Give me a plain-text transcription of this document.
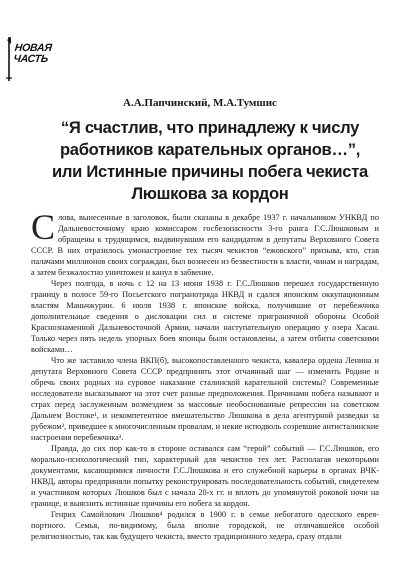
НОВАЯ
ЧАСТЬ
А.А.Папчинский, М.А.Тумшис
“Я счастлив, что принадлежу к числу работников карательных органов…”, или Истинные причины побега чекиста Люшкова за кордон

Слова, вынесенные в заголовок, были сказаны в декабре 1937 г. начальником УНКВД по Дальневосточному краю комиссаром госбезопасности 3-го ранга Г.С.Люшковым и обращены к трудящимся, выдвинувшим его кандидатом в депутаты Верховного Совета СССР. В них отразилось умонастроение тех тысяч чекистов “ежовского” призыва, кто, став палачами миллионов своих сограждан, был вознесен из безвестности к власти, чинам и наградам, а затем безжалостно уничтожен и канул в забвение.

Через полгода, в ночь с 12 на 13 июня 1938 г. Г.С.Люшков перешел государственную границу в полосе 59-го Посьетского погранотряда НКВД и сдался японским оккупационным властям Маньчжурии. 6 июля 1938 г. японские войска, получившие от перебежчика дополнительные сведения о дислокации сил и системе приграничной обороны Особой Краснознаменной Дальневосточной Армии, начали наступательную операцию у озера Хасан. Только через пять недель упорных боев японцы были остановлены, а затем отбиты советскими войсками…

Что же заставило члена ВКП(б), высокопоставленного чекиста, кавалера ордена Ленина и депутата Верховного Совета СССР предпринять этот отчаянный шаг — изменить Родине и обречь своих родных на суровое наказание сталинской карательной системы? Современные исследователи высказывают на этот счет разные предположения. Причинами побега называют и страх перед заслуженным возмездием за массовые необоснованные репрессии на советском Дальнем Востоке¹, и некомпетентное вмешательство Люшкова в дела агентурной разведки за рубежом², приведшее к многочисленным провалам, и некие исподволь созревшие антисталинские настроения перебежчика³.

Правда, до сих пор как-то в стороне оставался сам “герой” событий — Г.С.Люшков, его морально-психологический тип, характерный для чекистов тех лет. Располагая некоторыми документами, касающимися личности Г.С.Люшкова и его служебной карьеры в органах ВЧК-НКВД, авторы предприняли попытку реконструировать последовательность событий, свидетелем и участником которых Люшков был с начала 20-х гг. и вплоть до упомянутой роковой ночи на границе, и выяснить истинные причины его побега за кордон.

Генрих Самойлович Люшков⁴ родился в 1900 г. в семье небогатого одесского еврея-портного. Семья, по-видимому, была вполне городской, не отличавшейся особой религиозностью, так как будущего чекиста, вместо традиционного хедера, сразу отдали
